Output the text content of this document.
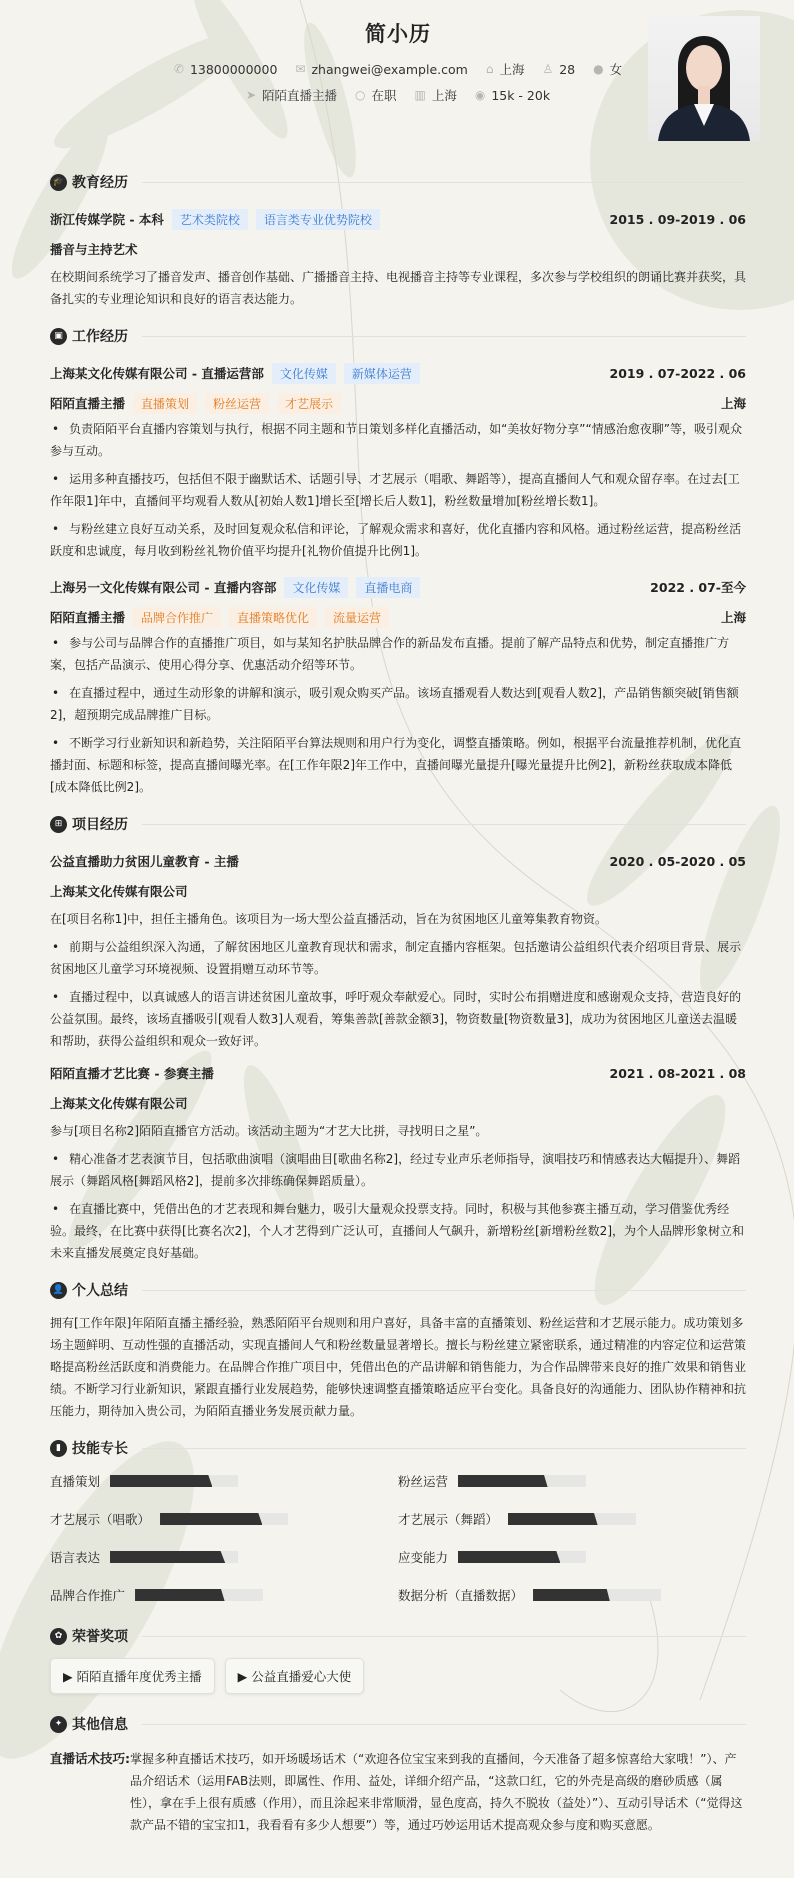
简小历
✆ 13800000000
✉ zhangwei@example.com
⌂ 上海
♙ 28
● 女
➤ 陌陌直播主播
○ 在职
▥ 上海
◉ 15k - 20k
🎓 教育经历
浙江传媒学院 - 本科	艺术类院校	语言类专业优势院校	2015 . 09-2019 . 06
播音与主持艺术

在校期间系统学习了播音发声、播音创作基础、广播播音主持、电视播音主持等专业课程，多次参与学校组织的朗诵比赛并获奖，具备扎实的专业理论知识和良好的语言表达能力。

▣ 工作经历
上海某文化传媒有限公司 - 直播运营部	文化传媒	新媒体运营	2019 . 07-2022 . 06
陌陌直播主播	直播策划	粉丝运营	才艺展示	上海
• 负责陌陌平台直播内容策划与执行，根据不同主题和节日策划多样化直播活动，如“美妆好物分享”“情感治愈夜聊”等，吸引观众参与互动。
• 运用多种直播技巧，包括但不限于幽默话术、话题引导、才艺展示（唱歌、舞蹈等），提高直播间人气和观众留存率。在过去[工作年限1]年中，直播间平均观看人数从[初始人数1]增长至[增长后人数1]，粉丝数量增加[粉丝增长数1]。
• 与粉丝建立良好互动关系，及时回复观众私信和评论，了解观众需求和喜好，优化直播内容和风格。通过粉丝运营，提高粉丝活跃度和忠诚度，每月收到粉丝礼物价值平均提升[礼物价值提升比例1]。
上海另一文化传媒有限公司 - 直播内容部	文化传媒	直播电商	2022 . 07-至今
陌陌直播主播	品牌合作推广	直播策略优化	流量运营	上海
• 参与公司与品牌合作的直播推广项目，如与某知名护肤品牌合作的新品发布直播。提前了解产品特点和优势，制定直播推广方案，包括产品演示、使用心得分享、优惠活动介绍等环节。
• 在直播过程中，通过生动形象的讲解和演示，吸引观众购买产品。该场直播观看人数达到[观看人数2]，产品销售额突破[销售额2]，超预期完成品牌推广目标。
• 不断学习行业新知识和新趋势，关注陌陌平台算法规则和用户行为变化，调整直播策略。例如，根据平台流量推荐机制，优化直播封面、标题和标签，提高直播间曝光率。在[工作年限2]年工作中，直播间曝光量提升[曝光量提升比例2]，新粉丝获取成本降低[成本降低比例2]。
⊞ 项目经历
公益直播助力贫困儿童教育 - 主播	2020 . 05-2020 . 05
上海某文化传媒有限公司

在[项目名称1]中，担任主播角色。该项目为一场大型公益直播活动，旨在为贫困地区儿童筹集教育物资。

• 前期与公益组织深入沟通，了解贫困地区儿童教育现状和需求，制定直播内容框架。包括邀请公益组织代表介绍项目背景、展示贫困地区儿童学习环境视频、设置捐赠互动环节等。
• 直播过程中，以真诚感人的语言讲述贫困儿童故事，呼吁观众奉献爱心。同时，实时公布捐赠进度和感谢观众支持，营造良好的公益氛围。最终，该场直播吸引[观看人数3]人观看，筹集善款[善款金额3]，物资数量[物资数量3]，成功为贫困地区儿童送去温暖和帮助，获得公益组织和观众一致好评。
陌陌直播才艺比赛 - 参赛主播	2021 . 08-2021 . 08
上海某文化传媒有限公司

参与[项目名称2]陌陌直播官方活动。该活动主题为“才艺大比拼，寻找明日之星”。

• 精心准备才艺表演节目，包括歌曲演唱（演唱曲目[歌曲名称2]，经过专业声乐老师指导，演唱技巧和情感表达大幅提升）、舞蹈展示（舞蹈风格[舞蹈风格2]，提前多次排练确保舞蹈质量）。
• 在直播比赛中，凭借出色的才艺表现和舞台魅力，吸引大量观众投票支持。同时，积极与其他参赛主播互动，学习借鉴优秀经验。最终，在比赛中获得[比赛名次2]，个人才艺得到广泛认可，直播间人气飙升，新增粉丝[新增粉丝数2]，为个人品牌形象树立和未来直播发展奠定良好基础。
👤 个人总结

拥有[工作年限]年陌陌直播主播经验，熟悉陌陌平台规则和用户喜好，具备丰富的直播策划、粉丝运营和才艺展示能力。成功策划多场主题鲜明、互动性强的直播活动，实现直播间人气和粉丝数量显著增长。擅长与粉丝建立紧密联系，通过精准的内容定位和运营策略提高粉丝活跃度和消费能力。在品牌合作推广项目中，凭借出色的产品讲解和销售能力，为合作品牌带来良好的推广效果和销售业绩。不断学习行业新知识，紧跟直播行业发展趋势，能够快速调整直播策略适应平台变化。具备良好的沟通能力、团队协作精神和抗压能力，期待加入贵公司，为陌陌直播业务发展贡献力量。

▮ 技能专长
直播策划	粉丝运营
才艺展示（唱歌）	才艺展示（舞蹈）
语言表达	应变能力
品牌合作推广	数据分析（直播数据）
✿ 荣誉奖项
▶ 陌陌直播年度优秀主播	▶ 公益直播爱心大使
✦ 其他信息
直播话术技巧: 掌握多种直播话术技巧，如开场暖场话术（“欢迎各位宝宝来到我的直播间，今天准备了超多惊喜给大家哦！”）、产品介绍话术（运用FAB法则，即属性、作用、益处，详细介绍产品，“这款口红，它的外壳是高级的磨砂质感（属性），拿在手上很有质感（作用），而且涂起来非常顺滑，显色度高，持久不脱妆（益处）”）、互动引导话术（“觉得这款产品不错的宝宝扣1，我看看有多少人想要”）等，通过巧妙运用话术提高观众参与度和购买意愿。
